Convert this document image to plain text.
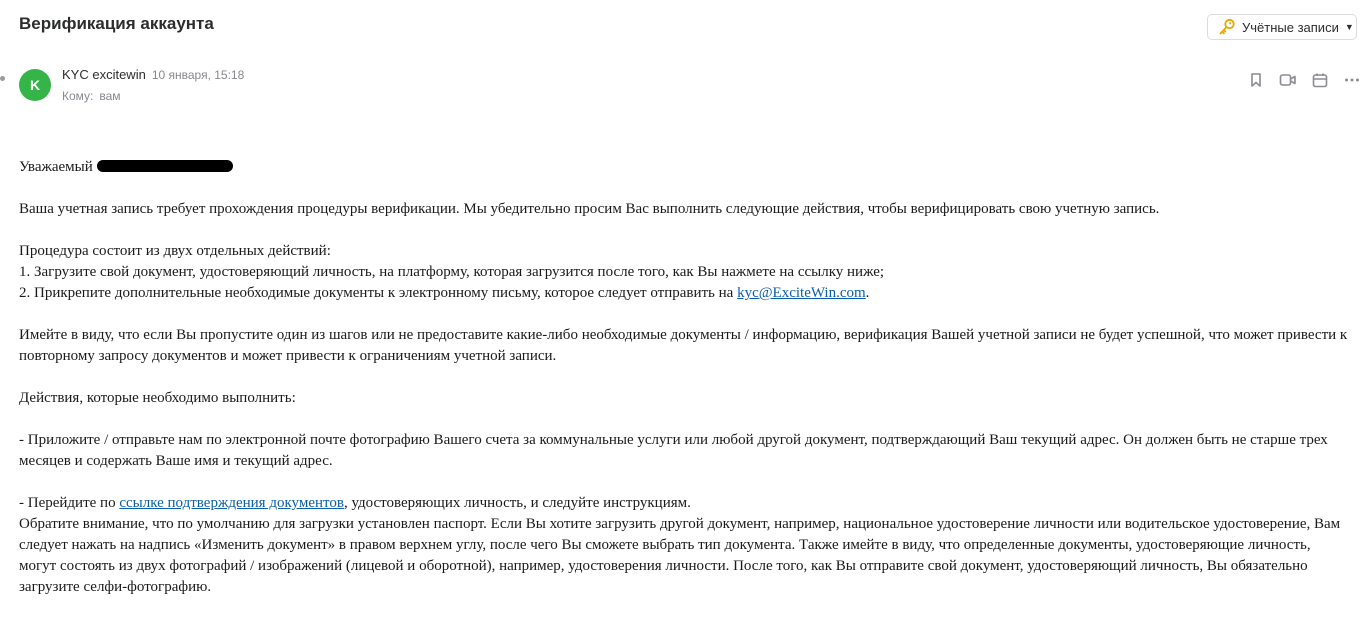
Верификация аккаунта	Учётные записи ▼
K
KYC excitewin 10 января, 15:18
Кому: вам

Уважаемый

Ваша учетная запись требует прохождения процедуры верификации. Мы убедительно просим Вас выполнить следующие действия, чтобы верифицировать свою учетную запись.

Процедура состоит из двух отдельных действий:

1. Загрузите свой документ, удостоверяющий личность, на платформу, которая загрузится после того, как Вы нажмете на ссылку ниже;

2. Прикрепите дополнительные необходимые документы к электронному письму, которое следует отправить на kyc@ExciteWin.com.

Имейте в виду, что если Вы пропустите один из шагов или не предоставите какие-либо необходимые документы / информацию, верификация Вашей учетной записи не будет успешной, что может привести к повторному запросу документов и может привести к ограничениям учетной записи.

Действия, которые необходимо выполнить:

- Приложите / отправьте нам по электронной почте фотографию Вашего счета за коммунальные услуги или любой другой документ, подтверждающий Ваш текущий адрес. Он должен быть не старше трех месяцев и содержать Ваше имя и текущий адрес.

- Перейдите по ссылке подтверждения документов, удостоверяющих личность, и следуйте инструкциям.

Обратите внимание, что по умолчанию для загрузки установлен паспорт. Если Вы хотите загрузить другой документ, например, национальное удостоверение личности или водительское удостоверение, Вам следует нажать на надпись «Изменить документ» в правом верхнем углу, после чего Вы сможете выбрать тип документа. Также имейте в виду, что определенные документы, удостоверяющие личность, могут состоять из двух фотографий / изображений (лицевой и оборотной), например, удостоверения личности. После того, как Вы отправите свой документ, удостоверяющий личность, Вы обязательно загрузите селфи-фотографию.
